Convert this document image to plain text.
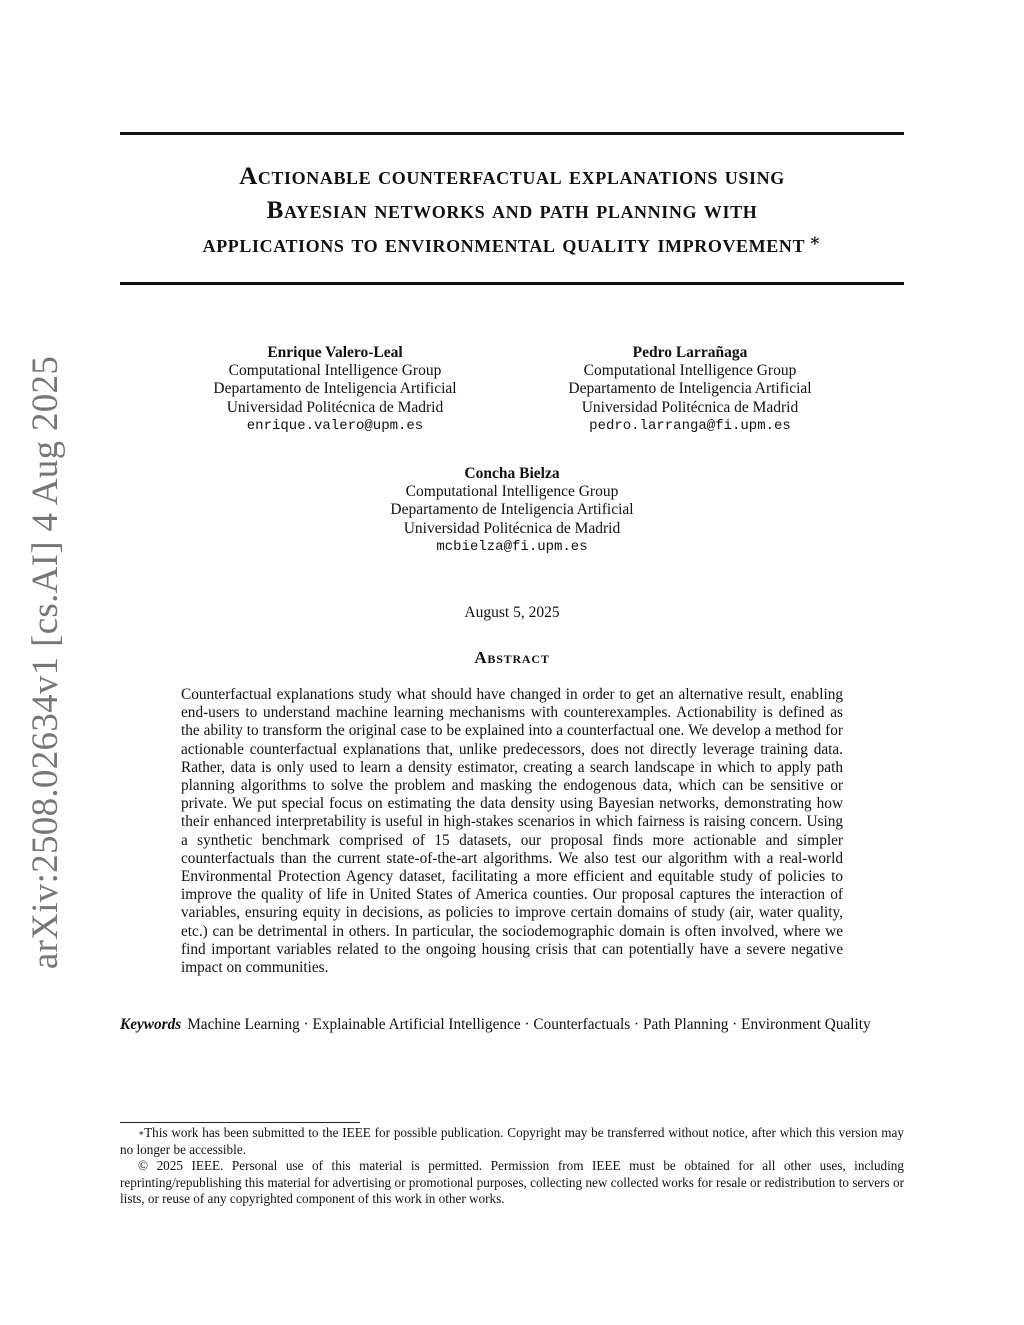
arXiv:2508.02634v1 [cs.AI] 4 Aug 2025
Actionable counterfactual explanations using
Bayesian networks and path planning with
applications to environmental quality improvement ∗
Enrique Valero-Leal
Computational Intelligence Group
Departamento de Inteligencia Artificial
Universidad Politécnica de Madrid
enrique.valero@upm.es
Pedro Larrañaga
Computational Intelligence Group
Departamento de Inteligencia Artificial
Universidad Politécnica de Madrid
pedro.larranga@fi.upm.es
Concha Bielza
Computational Intelligence Group
Departamento de Inteligencia Artificial
Universidad Politécnica de Madrid
mcbielza@fi.upm.es
August 5, 2025
Abstract

Counterfactual explanations study what should have changed in order to get an alternative result, enabling end-users to understand machine learning mechanisms with counterexamples. Actionability is defined as the ability to transform the original case to be explained into a counterfactual one. We develop a method for actionable counterfactual explanations that, unlike predecessors, does not directly leverage training data. Rather, data is only used to learn a density estimator, creating a search landscape in which to apply path planning algorithms to solve the problem and masking the endogenous data, which can be sensitive or private. We put special focus on estimating the data density using Bayesian networks, demonstrating how their enhanced interpretability is useful in high-stakes scenarios in which fairness is raising concern. Using a synthetic benchmark comprised of 15 datasets, our proposal finds more actionable and simpler counterfactuals than the current state-of-the-art algorithms. We also test our algorithm with a real-world Environmental Protection Agency dataset, facilitating a more efficient and equitable study of policies to improve the quality of life in United States of America counties. Our proposal captures the interaction of variables, ensuring equity in decisions, as policies to improve certain domains of study (air, water quality, etc.) can be detrimental in others. In particular, the sociodemographic domain is often involved, where we find important variables related to the ongoing housing crisis that can potentially have a severe negative impact on communities.

Keywords Machine Learning · Explainable Artificial Intelligence · Counterfactuals · Path Planning · Environment Quality

∗This work has been submitted to the IEEE for possible publication. Copyright may be transferred without notice, after which this version may no longer be accessible.

© 2025 IEEE. Personal use of this material is permitted. Permission from IEEE must be obtained for all other uses, including reprinting/republishing this material for advertising or promotional purposes, collecting new collected works for resale or redistribution to servers or lists, or reuse of any copyrighted component of this work in other works.
